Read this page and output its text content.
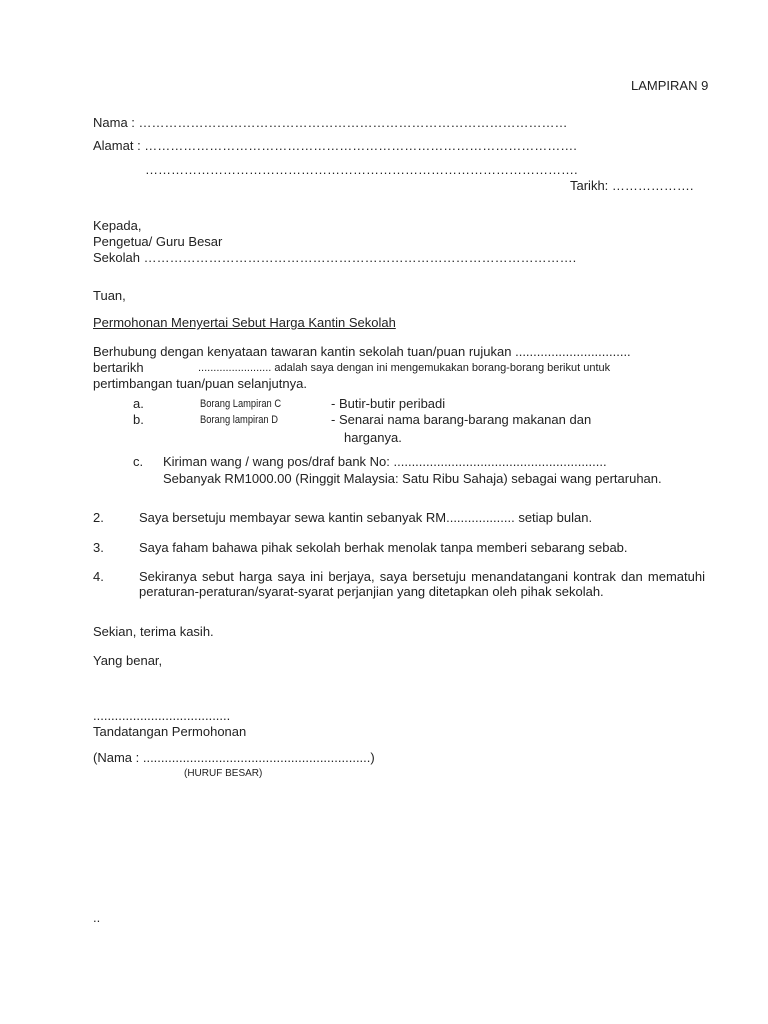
LAMPIRAN 9
Nama : ………………………………………………………………………………………
Alamat : ……………………………………………………………………………………….
……………………………………………………………………………………….
Tarikh: ……………….
Kepada,
Pengetua/ Guru Besar
Sekolah ……………………………………………………………………………………….
Tuan,
Permohonan Menyertai Sebut Harga Kantin Sekolah
Berhubung dengan kenyataan tawaran kantin sekolah tuan/puan rujukan ................................
bertarikh	........................ adalah saya dengan ini mengemukakan borang-borang berikut untuk
pertimbangan tuan/puan selanjutnya.
a.	Borang Lampiran C	- Butir-butir peribadi
b.	Borang lampiran D	- Senarai nama barang-barang makanan dan
harganya.
c. Kiriman wang / wang pos/draf bank No: ...........................................................
Sebanyak RM1000.00 (Ringgit Malaysia: Satu Ribu Sahaja) sebagai wang pertaruhan.
2.	Saya bersetuju membayar sewa kantin sebanyak RM................... setiap bulan.
3.	Saya faham bahawa pihak sekolah berhak menolak tanpa memberi sebarang sebab.
4.	Sekiranya sebut harga saya ini berjaya, saya bersetuju menandatangani kontrak dan mematuhi peraturan-peraturan/syarat-syarat perjanjian yang ditetapkan oleh pihak sekolah.
Sekian, terima kasih.
Yang benar,
......................................
Tandatangan Permohonan
(Nama : ...............................................................)
(HURUF BESAR)
..
